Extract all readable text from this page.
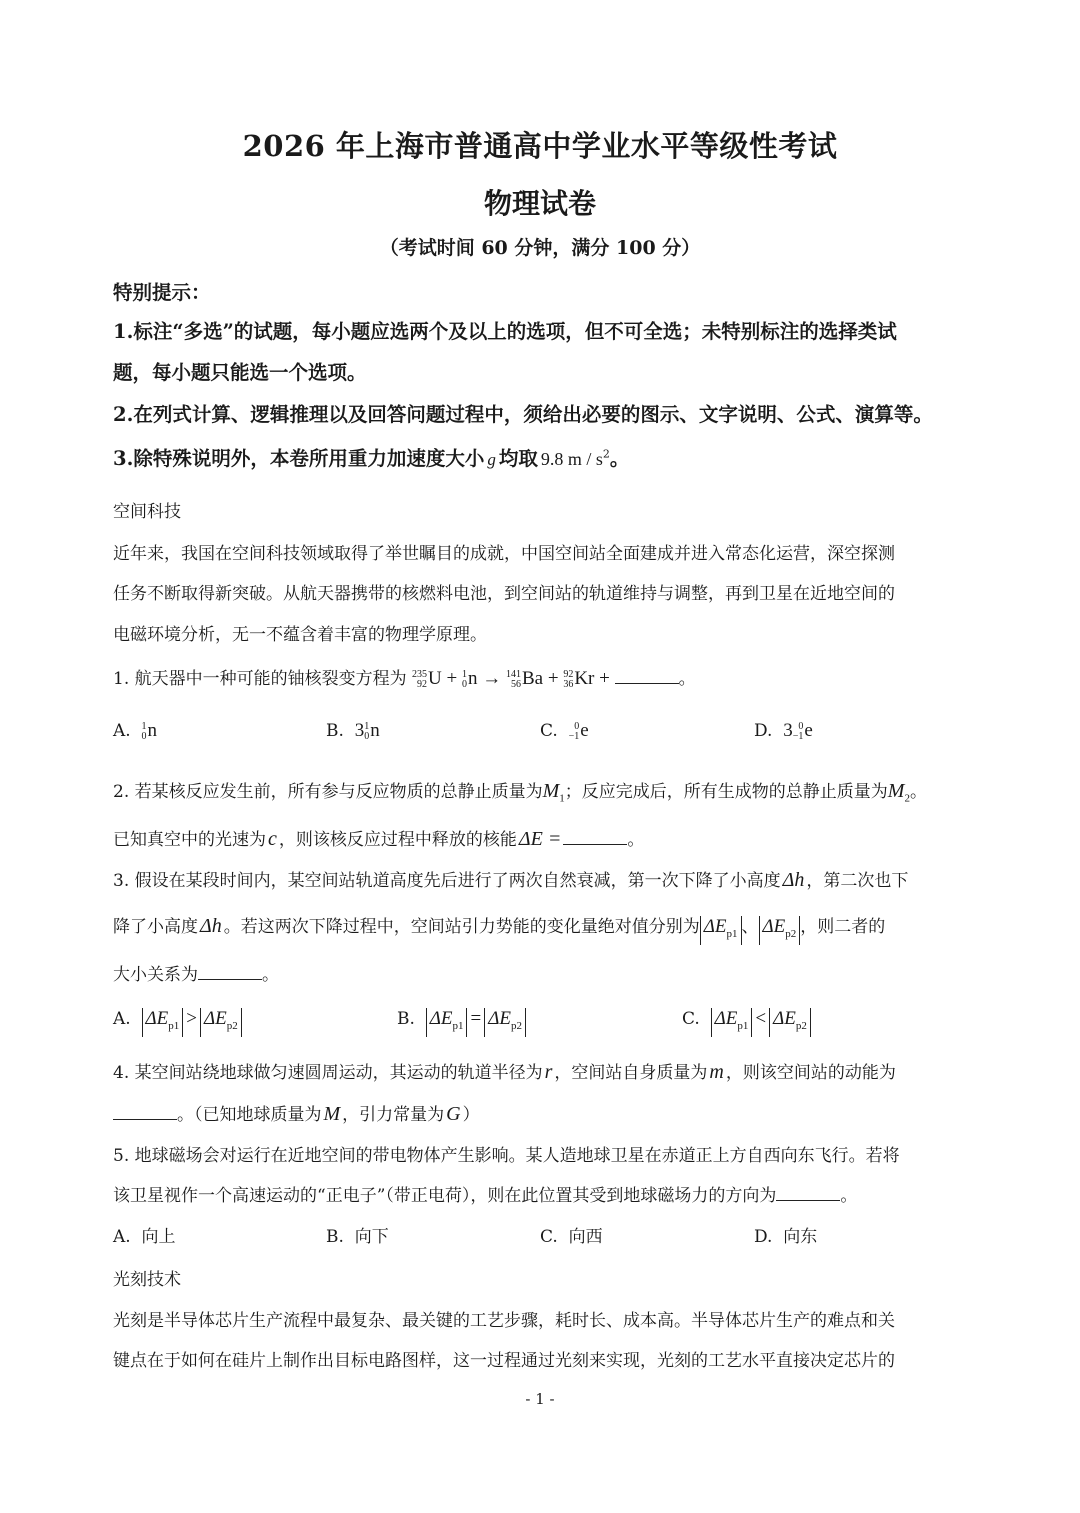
2026 年上海市普通高中学业水平等级性考试
物理试卷
（考试时间 60 分钟，满分 100 分）
特别提示：
1.标注“多选”的试题，每小题应选两个及以上的选项，但不可全选；未特别标注的选择类试
题，每小题只能选一个选项。
2.在列式计算、逻辑推理以及回答问题过程中，须给出必要的图示、文字说明、公式、演算等。
3.除特殊说明外，本卷所用重力加速度大小 g 均取 9.8 m / $s^2$。
空间科技
近年来，我国在空间科技领域取得了举世瞩目的成就，中国空间站全面建成并进入常态化运营，深空探测
任务不断取得新突破。从航天器携带的核燃料电池，到空间站的轨道维持与调整，再到卫星在近地空间的
电磁环境分析，无一不蕴含着丰富的物理学原理。
1. 航天器中一种可能的铀核裂变方程为 235
92 U + 1
0 n → 141
56 Ba + 92
36 Kr +	。
A. 1
0 n	B. 3 1
0 n	C.	0
−1 e	D. 3 0
−1 e
2. 若某核反应发生前，所有参与反应物质的总静止质量为$M_1$；反应完成后，所有生成物的总静止质量为$M_2$。
已知真空中的光速为 c ，则该核反应过程中释放的核能 ΔE =	。
3. 假设在某段时间内，某空间站轨道高度先后进行了两次自然衰减，第一次下降了小高度 Δh ，第二次也下
降了小高度 Δh 。若这两次下降过程中，空间站引力势能的变化量绝对值分别为 $\Delta E_{p1}$ 、 $\Delta E_{p2}$ ，则二者的
大小关系为	。
A. $\Delta E_{p1} > \Delta E_{p2}$	B. $\Delta E_{p1} = \Delta E_{p2}$	C. $\Delta E_{p1} < \Delta E_{p2}$
4. 某空间站绕地球做匀速圆周运动，其运动的轨道半径为 r ，空间站自身质量为 m ，则该空间站的动能为
。（已知地球质量为 M ，引力常量为 G ）
5. 地球磁场会对运行在近地空间的带电物体产生影响。某人造地球卫星在赤道正上方自西向东飞行。若将
该卫星视作一个高速运动的“正电子”（带正电荷），则在此位置其受到地球磁场力的方向为	。
A. 向上	B. 向下	C. 向西	D. 向东
光刻技术
光刻是半导体芯片生产流程中最复杂、最关键的工艺步骤，耗时长、成本高。半导体芯片生产的难点和关
键点在于如何在硅片上制作出目标电路图样，这一过程通过光刻来实现，光刻的工艺水平直接决定芯片的
- 1 -
